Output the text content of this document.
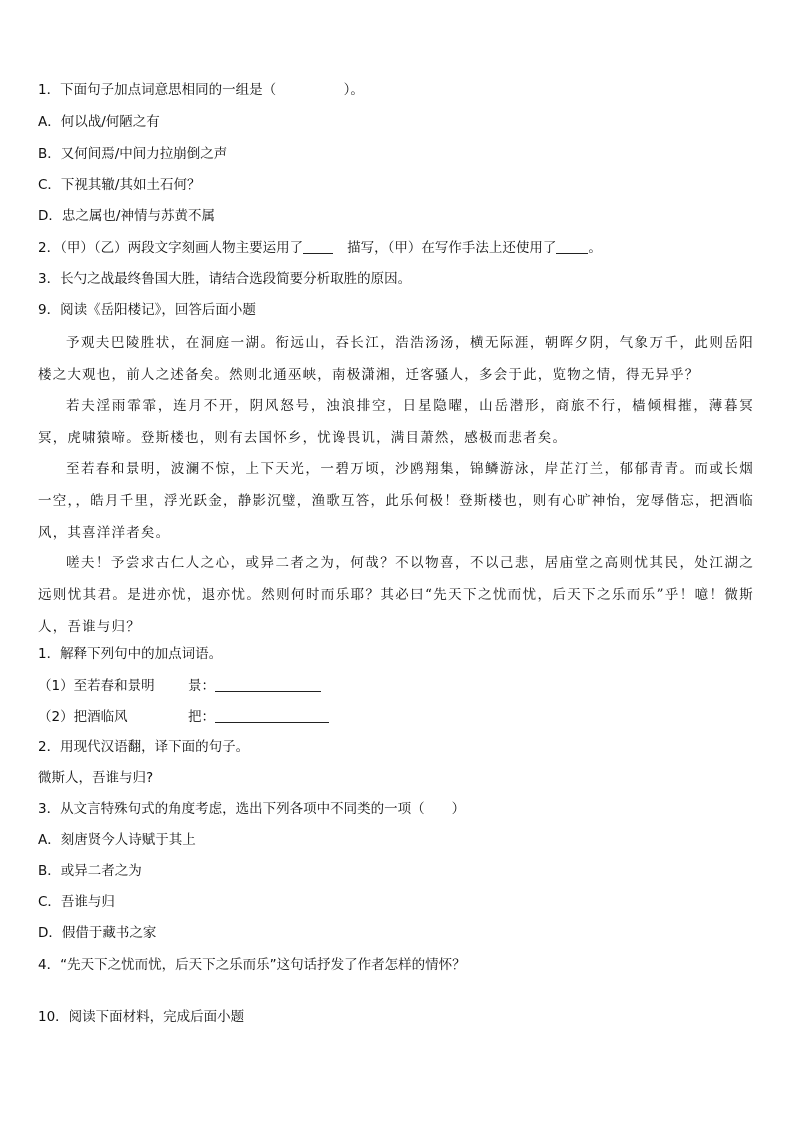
1．下面句子加点词意思相同的一组是（　　　　　）。
A．何以战/何陋之有
B．又何间焉/中间力拉崩倒之声
C．下视其辙/其如土石何？
D．忠之属也/神情与苏黄不属
2．（甲）（乙）两段文字刻画人物主要运用了	描写，（甲）在写作手法上还使用了 。
3．长勺之战最终鲁国大胜，请结合选段简要分析取胜的原因。
9．阅读《岳阳楼记》，回答后面小题
予观夫巴陵胜状，在洞庭一湖。衔远山，吞长江，浩浩汤汤，横无际涯，朝晖夕阴，气象万千，此则岳阳楼之大观也，前人之述备矣。然则北通巫峡，南极潇湘，迁客骚人，多会于此，览物之情，得无异乎？
若夫淫雨霏霏，连月不开，阴风怒号，浊浪排空，日星隐曜，山岳潜形，商旅不行，樯倾楫摧，薄暮冥冥，虎啸猿啼。登斯楼也，则有去国怀乡，忧谗畏讥，满目萧然，感极而悲者矣。
至若春和景明，波澜不惊，上下天光，一碧万顷，沙鸥翔集，锦鳞游泳，岸芷汀兰，郁郁青青。而或长烟一空，，皓月千里，浮光跃金，静影沉璧，渔歌互答，此乐何极！登斯楼也，则有心旷神怡，宠辱偕忘，把酒临风，其喜洋洋者矣。
嗟夫！予尝求古仁人之心，或异二者之为，何哉？不以物喜，不以己悲，居庙堂之高则忧其民，处江湖之远则忧其君。是进亦忧，退亦忧。然则何时而乐耶？其必曰“先天下之忧而忧，后天下之乐而乐”乎！噫！微斯人，吾谁与归？
1．解释下列句中的加点词语。
（1）至若春和景明 景：
（2）把酒临风	把：
2．用现代汉语翻，译下面的句子。
微斯人，吾谁与归?
3．从文言特殊句式的角度考虑，选出下列各项中不同类的一项（　　）
A．刻唐贤今人诗赋于其上
B．或异二者之为
C．吾谁与归
D．假借于藏书之家
4．“先天下之忧而忧，后天下之乐而乐”这句话抒发了作者怎样的情怀？
10．阅读下面材料，完成后面小题
